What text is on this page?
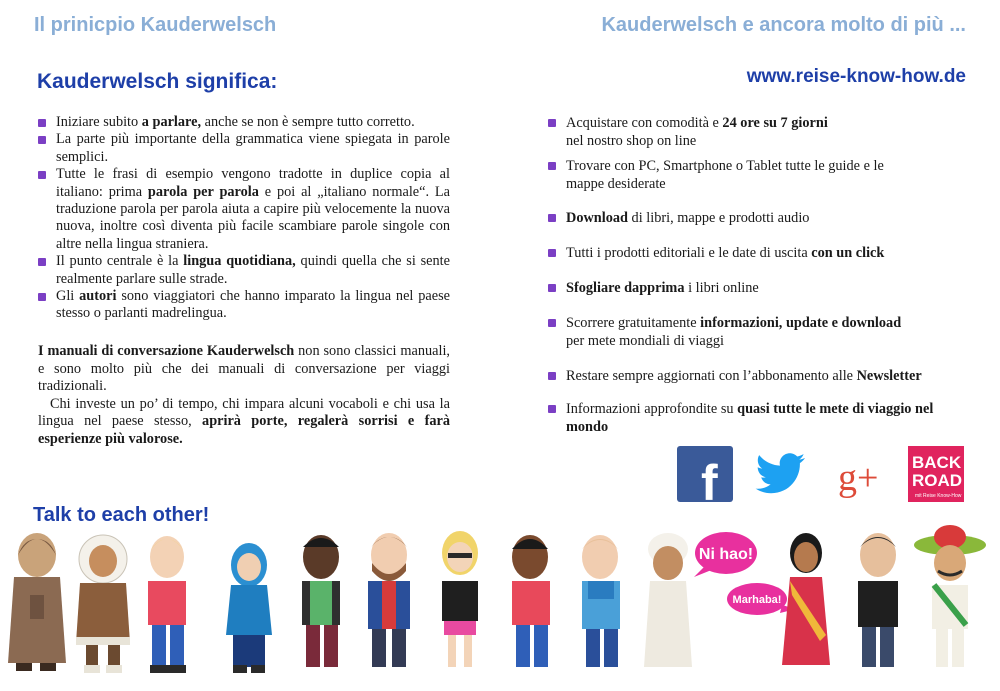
Il prinicpio Kauderwelsch	Kauderwelsch e ancora molto di più ...
Kauderwelsch significa:	www.reise-know-how.de
Iniziare subito a parlare, anche se non è sempre tutto corretto.
La parte più importante della grammatica viene spiegata in parole semplici.
Tutte le frasi di esempio vengono tradotte in duplice copia al italiano: prima parola per parola e poi al „italiano normale“. La traduzione parola per parola aiuta a capire più velocemente la nuova nuova, inoltre così diventa più facile scambiare parole singole con altre nella lingua straniera.
Il punto centrale è la lingua quotidiana, quindi quella che si sente realmente parlare sulle strade.
Gli autori sono viaggiatori che hanno imparato la lingua nel paese stesso o parlanti madrelingua.

I manuali di conversazione Kauderwelsch non sono classici manuali, e sono molto più che dei manuali di conversazione per viaggi tradizionali.

Chi investe un po’ di tempo, chi impara alcuni vocaboli e chi usa la lingua nel paese stesso, aprirà porte, regalerà sorrisi e farà esperienze più valorose.

Acquistare con comodità e 24 ore su 7 giorni
nel nostro shop on line
Trovare con PC, Smartphone o Tablet tutte le guide e le mappe desiderate
Download di libri, mappe e prodotti audio
Tutti i prodotti editoriali e le date di uscita con un click
Sfogliare dapprima i libri online
Scorrere gratuitamente informazioni, update e download
per mete mondiali di viaggi
Restare sempre aggiornati con l’abbonamento alle Newsletter
Informazioni approfondite su quasi tutte le mete di viaggio nel mondo
f	g+ BACK
ROAD
mit Reise Know-How
Talk to each other!
Ni hao!
Marhaba!
